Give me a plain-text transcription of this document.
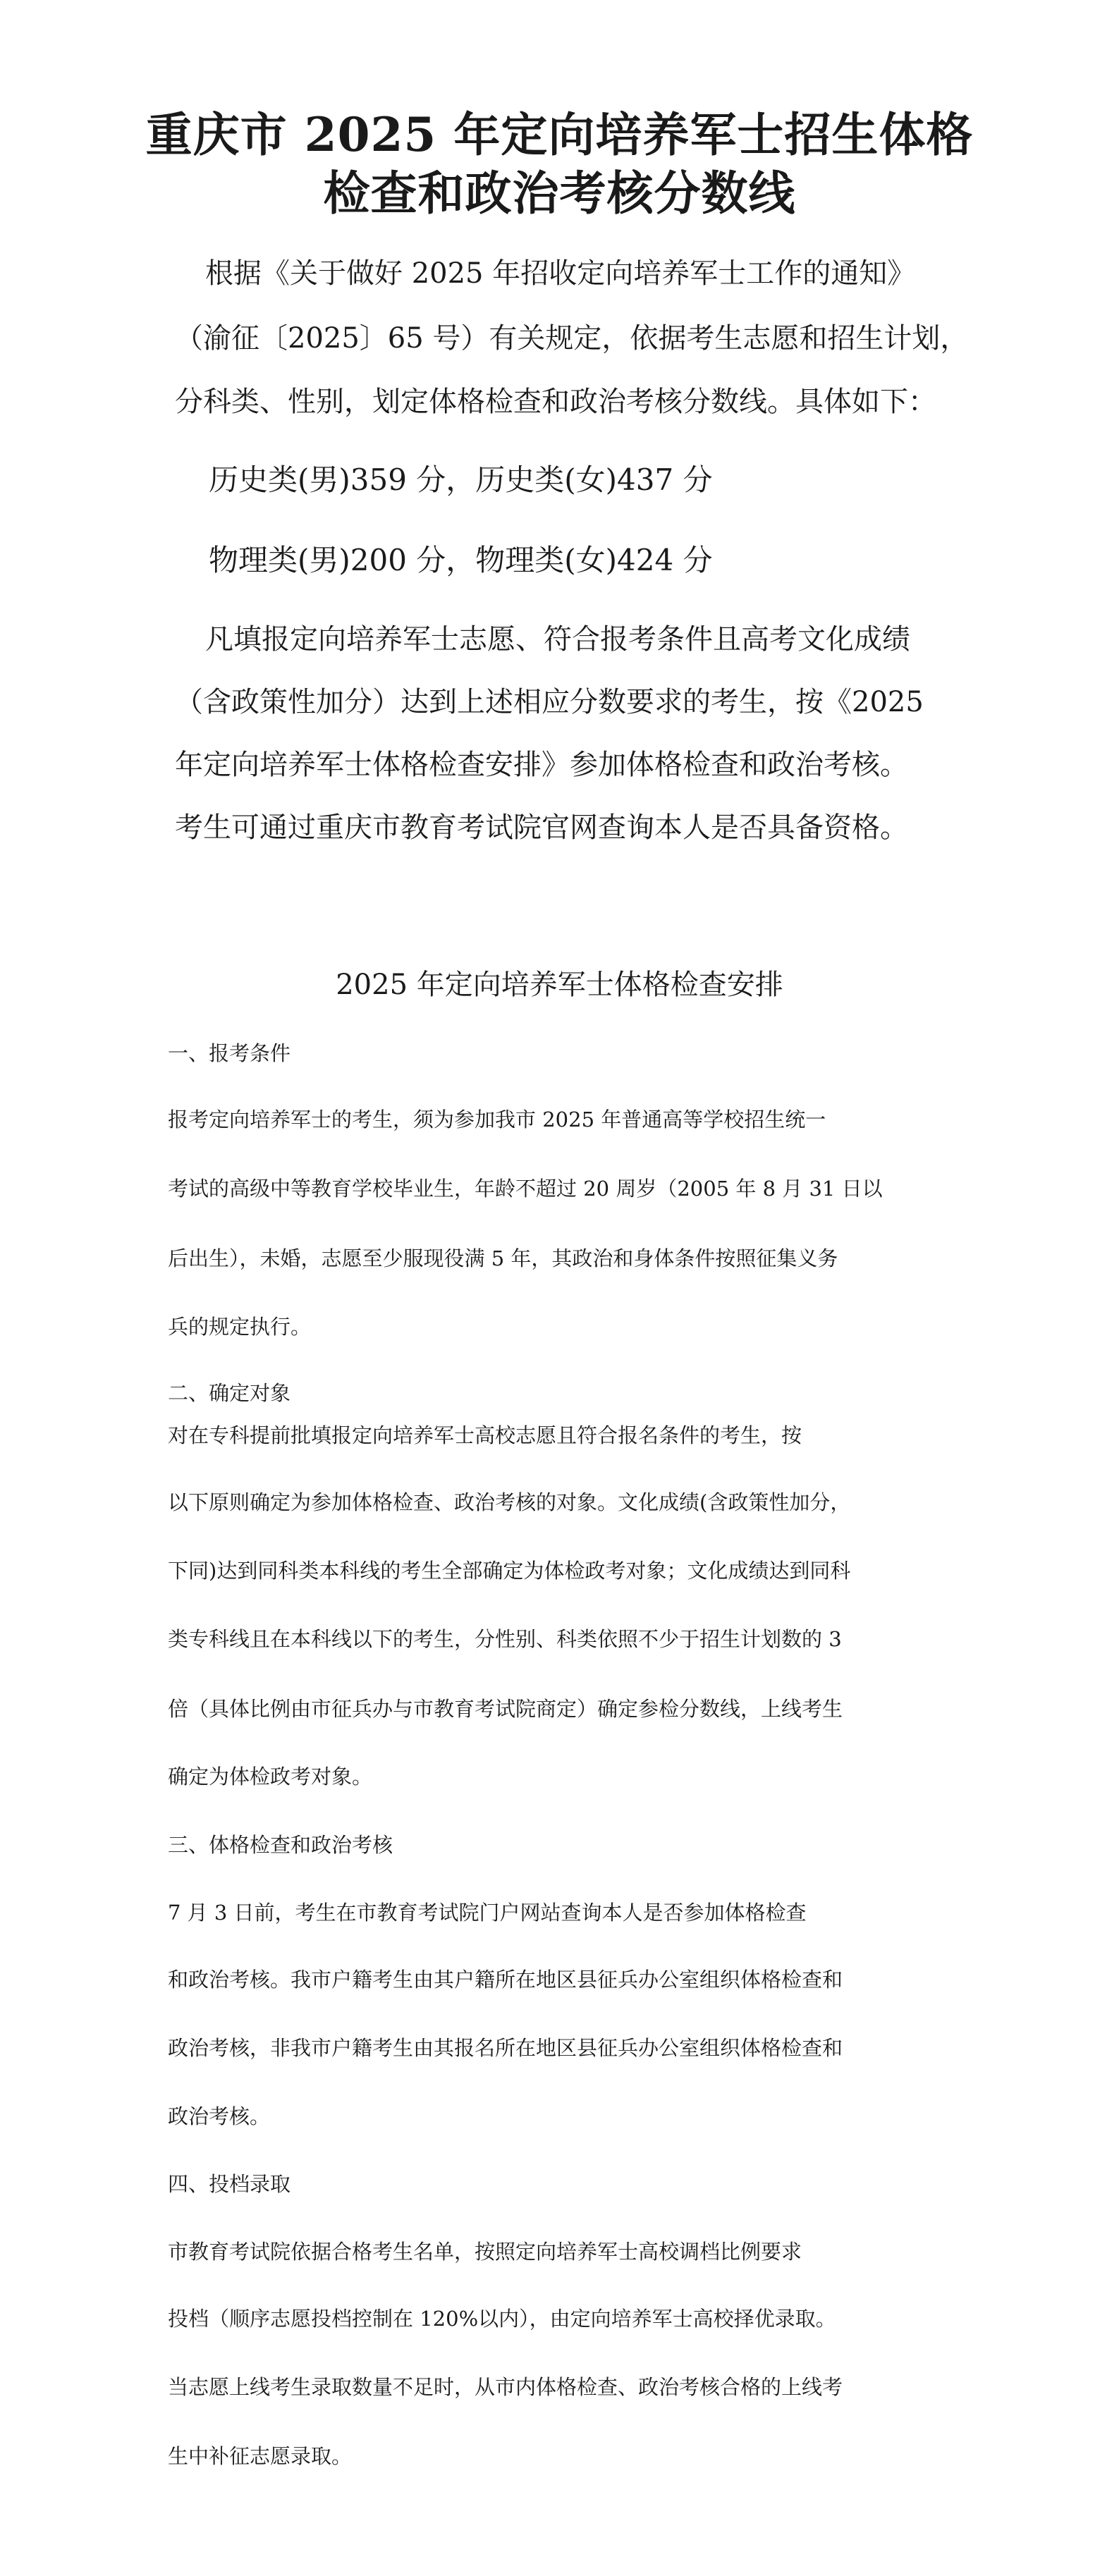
重庆市 2025 年定向培养军士招生体格
检查和政治考核分数线
根据《关于做好 2025 年招收定向培养军士工作的通知》
（渝征〔2025〕65 号）有关规定，依据考生志愿和招生计划，
分科类、性别，划定体格检查和政治考核分数线。具体如下：
历史类(男)359 分，历史类(女)437 分
物理类(男)200 分，物理类(女)424 分
凡填报定向培养军士志愿、符合报考条件且高考文化成绩
（含政策性加分）达到上述相应分数要求的考生，按《2025
年定向培养军士体格检查安排》参加体格检查和政治考核。
考生可通过重庆市教育考试院官网查询本人是否具备资格。
2025 年定向培养军士体格检查安排
一、报考条件
报考定向培养军士的考生，须为参加我市 2025 年普通高等学校招生统一
考试的高级中等教育学校毕业生，年龄不超过 20 周岁（2005 年 8 月 31 日以
后出生），未婚，志愿至少服现役满 5 年，其政治和身体条件按照征集义务
兵的规定执行。
二、确定对象
对在专科提前批填报定向培养军士高校志愿且符合报名条件的考生，按
以下原则确定为参加体格检查、政治考核的对象。文化成绩(含政策性加分，
下同)达到同科类本科线的考生全部确定为体检政考对象；文化成绩达到同科
类专科线且在本科线以下的考生，分性别、科类依照不少于招生计划数的 3
倍（具体比例由市征兵办与市教育考试院商定）确定参检分数线，上线考生
确定为体检政考对象。
三、体格检查和政治考核
7 月 3 日前，考生在市教育考试院门户网站查询本人是否参加体格检查
和政治考核。我市户籍考生由其户籍所在地区县征兵办公室组织体格检查和
政治考核，非我市户籍考生由其报名所在地区县征兵办公室组织体格检查和
政治考核。
四、投档录取
市教育考试院依据合格考生名单，按照定向培养军士高校调档比例要求
投档（顺序志愿投档控制在 120%以内），由定向培养军士高校择优录取。
当志愿上线考生录取数量不足时，从市内体格检查、政治考核合格的上线考
生中补征志愿录取。
